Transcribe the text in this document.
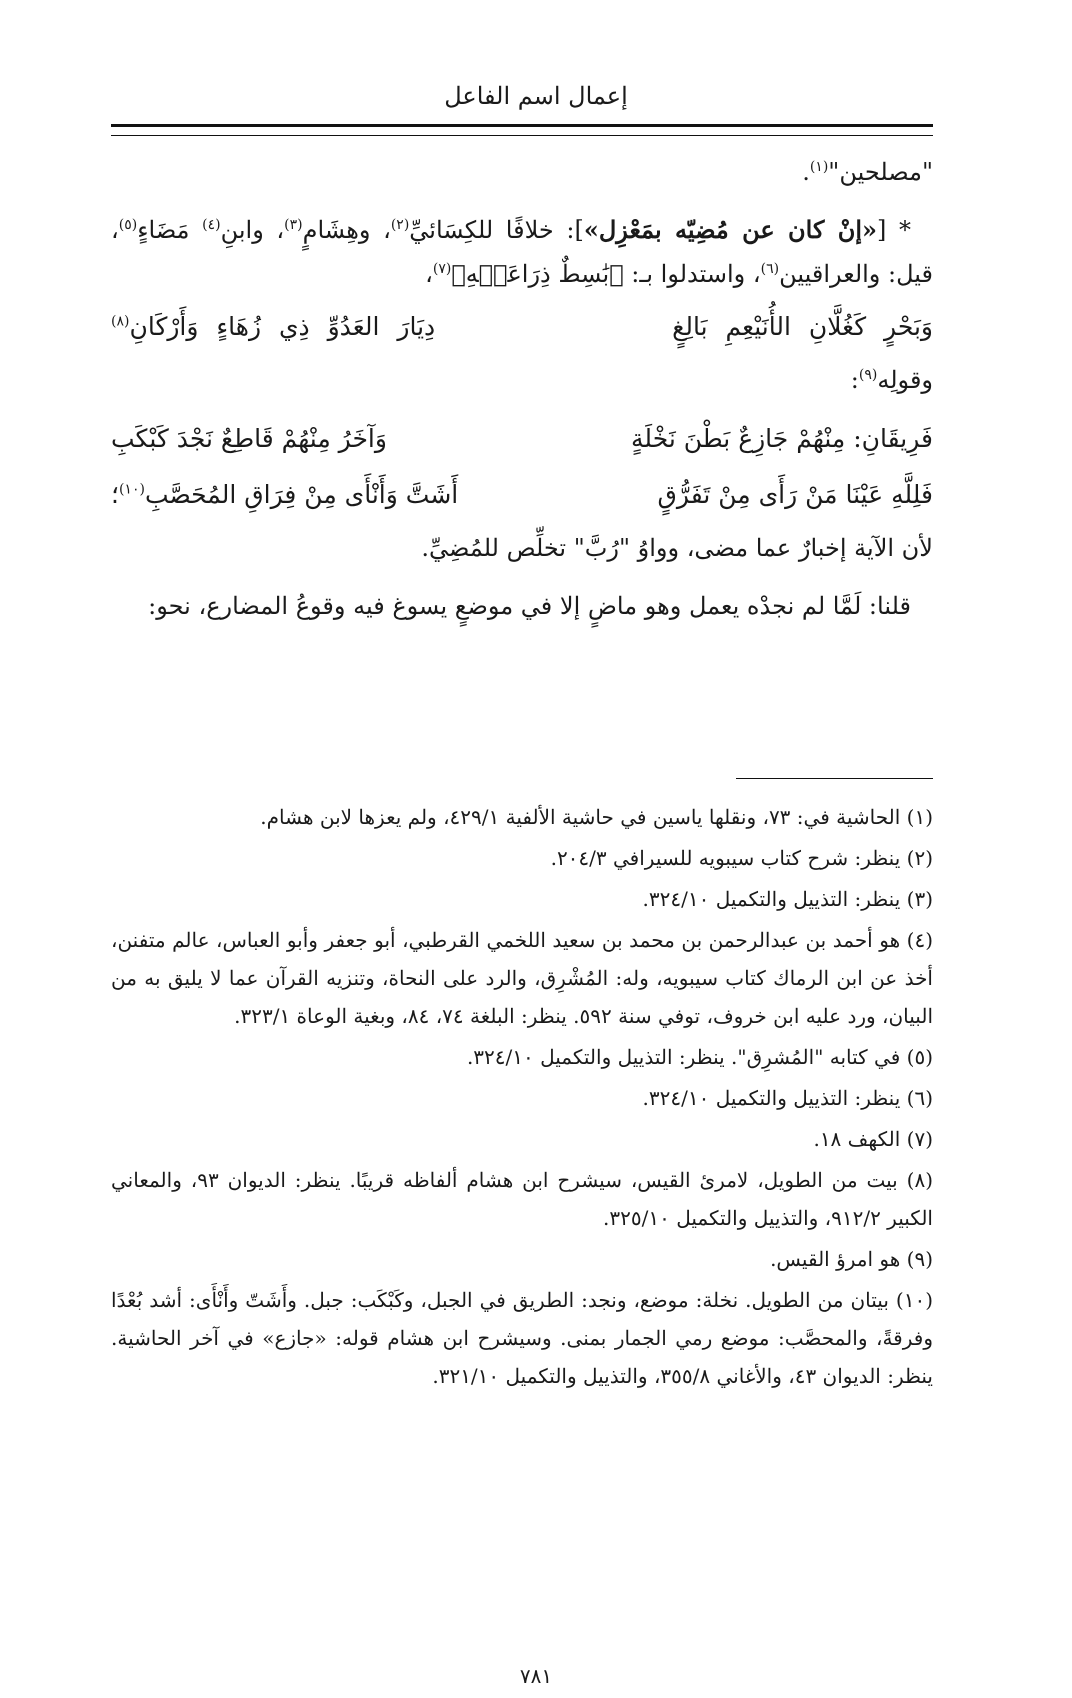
إعمال اسم الفاعل

"مصلحين"$^{(١)}$.

* [«إنْ كان عن مُضِيّه بمَعْزِل»]: خلافًا للكِسَائيِّ$^{(٢)}$، وهِشَامٍ$^{(٣)}$، وابنِ$^{(٤)}$ مَضَاءٍ$^{(٥)}$، قيل: والعراقيين$^{(٦)}$، واستدلوا بـ: ﴿بَٰسِطٌ ذِرَاعَيۡهِ﴾$^{(٧)}$،

وَبَحْرٍ كَغُلَّانِ الأُنَيْعِمِ بَالِغٍ
دِيَارَ العَدُوِّ ذِي زُهَاءٍ وَأَرْكَانِ$^{(٨)}$

وقولِه$^{(٩)}$:

فَرِيقَانِ: مِنْهُمْ جَازِعٌ بَطْنَ نَخْلَةٍ
وَآخَرُ مِنْهُمْ قَاطِعٌ نَجْدَ كَبْكَبِ
فَلِلَّهِ عَيْنَا مَنْ رَأَى مِنْ تَفَرُّقٍ
أَشَتَّ وَأَنْأَى مِنْ فِرَاقِ المُحَصَّبِ$^{(١٠)}$؛

لأن الآية إخبارٌ عما مضى، وواوُ "رُبَّ" تخلِّص للمُضِيِّ.

قلنا: لَمَّا لم نجدْه يعمل وهو ماضٍ إلا في موضعٍ يسوغ فيه وقوعُ المضارع، نحو:

(١) الحاشية في: ٧٣، ونقلها ياسين في حاشية الألفية ٤٢٩/١، ولم يعزها لابن هشام.

(٢) ينظر: شرح كتاب سيبويه للسيرافي ٢٠٤/٣.

(٣) ينظر: التذييل والتكميل ٣٢٤/١٠.

(٤) هو أحمد بن عبدالرحمن بن محمد بن سعيد اللخمي القرطبي، أبو جعفر وأبو العباس، عالم متفنن، أخذ عن ابن الرماك كتاب سيبويه، وله: المُشْرِق، والرد على النحاة، وتنزيه القرآن عما لا يليق به من البيان، ورد عليه ابن خروف، توفي سنة ٥٩٢. ينظر: البلغة ٧٤، ٨٤، وبغية الوعاة ٣٢٣/١.

(٥) في كتابه "المُشرِق". ينظر: التذييل والتكميل ٣٢٤/١٠.

(٦) ينظر: التذييل والتكميل ٣٢٤/١٠.

(٧) الكهف ١٨.

(٨) بيت من الطويل، لامرئ القيس، سيشرح ابن هشام ألفاظه قريبًا. ينظر: الديوان ٩٣، والمعاني الكبير ٩١٢/٢، والتذييل والتكميل ٣٢٥/١٠.

(٩) هو امرؤ القيس.

(١٠) بيتان من الطويل. نخلة: موضع، ونجد: الطريق في الجبل، وكَبْكَب: جبل. وأَشَتّ وأَنْأَى: أشد بُعْدًا وفرقةً، والمحصَّب: موضع رمي الجمار بمنى. وسيشرح ابن هشام قوله: «جازع» في آخر الحاشية. ينظر: الديوان ٤٣، والأغاني ٣٥٥/٨، والتذييل والتكميل ٣٢١/١٠.

٧٨١
